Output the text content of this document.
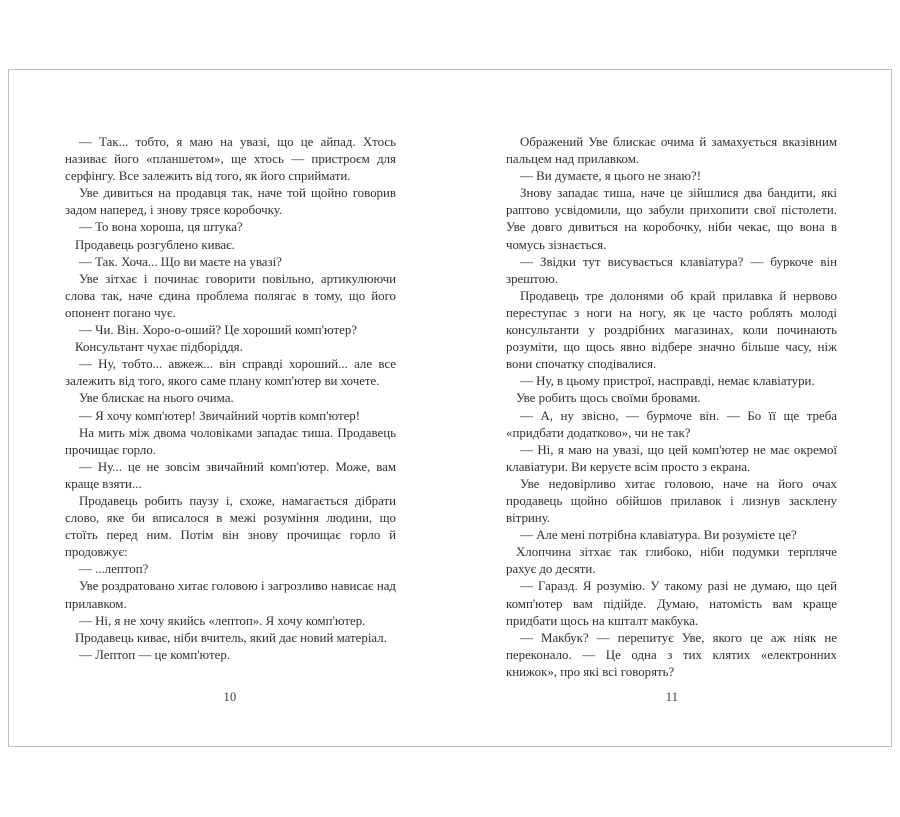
— Так... тобто, я маю на увазі, що це айпад. Хтось називає його «планшетом», ще хтось — пристроєм для серфінгу. Все залежить від того, як його сприймати.

Уве дивиться на продавця так, наче той щойно говорив задом наперед, і знову трясе коробочку.

— То вона хороша, ця штука?

Продавець розгублено киває.

— Так. Хоча... Що ви маєте на увазі?

Уве зітхає і починає говорити повільно, артикулюючи слова так, наче єдина проблема полягає в тому, що його опонент погано чує.

— Чи. Він. Хоро-о-оший? Це хороший комп'ютер?

Консультант чухає підборіддя.

— Ну, тобто... авжеж... він справді хороший... але все залежить від того, якого саме плану комп'ютер ви хочете.

Уве блискає на нього очима.

— Я хочу комп'ютер! Звичайний чортів комп'ютер!

На мить між двома чоловіками западає тиша. Продавець прочищає горло.

— Ну... це не зовсім звичайний комп'ютер. Може, вам краще взяти...

Продавець робить паузу і, схоже, намагається дібрати слово, яке би вписалося в межі розуміння людини, що стоїть перед ним. Потім він знову прочищає горло й продовжує:

— ...лептоп?

Уве роздратовано хитає головою і загрозливо нависає над прилавком.

— Ні, я не хочу якийсь «лептоп». Я хочу комп'ютер.

Продавець киває, ніби вчитель, який дає новий матеріал.

— Лептоп — це комп'ютер.

10

Ображений Уве блискає очима й замахується вказівним пальцем над прилавком.

— Ви думаєте, я цього не знаю?!

Знову западає тиша, наче це зійшлися два бандити, які раптово усвідомили, що забули прихопити свої пістолети. Уве довго дивиться на коробочку, ніби чекає, що вона в чомусь зізнається.

— Звідки тут висувається клавіатура? — буркоче він зрештою.

Продавець тре долонями об край прилавка й нервово переступає з ноги на ногу, як це часто роблять молоді консультанти у роздрібних магазинах, коли починають розуміти, що щось явно відбере значно більше часу, ніж вони спочатку сподівалися.

— Ну, в цьому пристрої, насправді, немає клавіатури.

Уве робить щось своїми бровами.

— А, ну звісно, — бурмоче він. — Бо її ще треба «придбати додатково», чи не так?

— Ні, я маю на увазі, що цей комп'ютер не має окремої клавіатури. Ви керуєте всім просто з екрана.

Уве недовірливо хитає головою, наче на його очах продавець щойно обійшов прилавок і лизнув засклену вітрину.

— Але мені потрібна клавіатура. Ви розумієте це?

Хлопчина зітхає так глибоко, ніби подумки терпляче рахує до десяти.

— Гаразд. Я розумію. У такому разі не думаю, що цей комп'ютер вам підійде. Думаю, натомість вам краще придбати щось на кшталт макбука.

— Макбук? — перепитує Уве, якого це аж ніяк не переконало. — Це одна з тих клятих «електронних книжок», про які всі говорять?

11
